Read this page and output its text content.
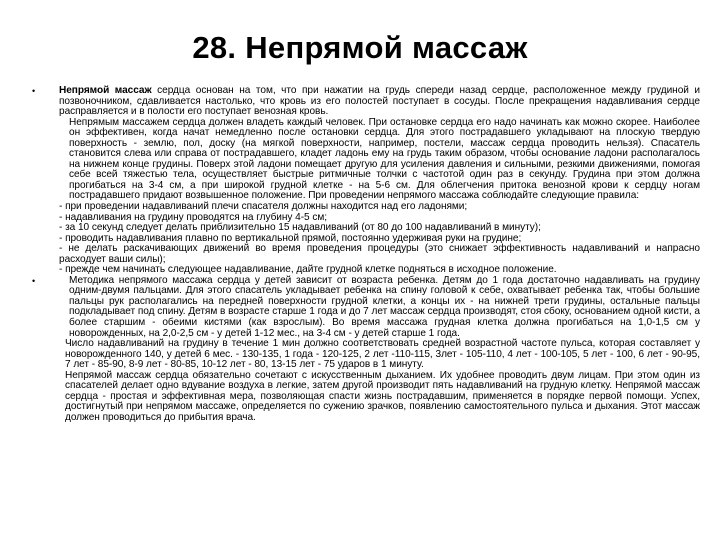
28. Непрямой массаж
• Непрямой массаж сердца основан на том, что при нажатии на грудь спереди назад сердце, расположенное между грудиной и позвоночником, сдавливается настолько, что кровь из его полостей поступает в сосуды. После прекращения надавливания сердце расправляется и в полости его поступает венозная кровь.

Непрямым массажем сердца должен владеть каждый человек. При остановке сердца его надо начинать как можно скорее. Наиболее он эффективен, когда начат немедленно после остановки сердца. Для этого пострадавшего укладывают на плоскую твердую поверхность - землю, пол, доску (на мягкой поверхности, например, постели, массаж сердца проводить нельзя). Спасатель становится слева или справа от пострадавшего, кладет ладонь ему на грудь таким образом, чтобы основание ладони располагалось на нижнем конце грудины. Поверх этой ладони помещает другую для усиления давления и сильными, резкими движениями, помогая себе всей тяжестью тела, осуществляет быстрые ритмичные толчки с частотой один раз в секунду. Грудина при этом должна прогибаться на 3-4 см, а при широкой грудной клетке - на 5-6 см. Для облегчения притока венозной крови к сердцу ногам пострадавшего придают возвышенное положение. При проведении непрямого массажа соблюдайте следующие правила:

- при проведении надавливаний плечи спасателя должны находится над его ладонями;

- надавливания на грудину проводятся на глубину 4-5 см;

- за 10 секунд следует делать приблизительно 15 надавливаний (от 80 до 100 надавливаний в минуту);

- проводить надавливания плавно по вертикальной прямой, постоянно удерживая руки на грудине;

- не делать раскачивающих движений во время проведения процедуры (это снижает эффективность надавливаний и напрасно расходует ваши силы);

- прежде чем начинать следующее надавливание, дайте грудной клетке подняться в исходное положение.

•	Методика непрямого массажа сердца у детей зависит от возраста ребенка. Детям до 1 года достаточно надавливать на грудину одним-двумя пальцами. Для этого спасатель укладывает ребенка на спину головой к себе, охватывает ребенка так, чтобы большие пальцы рук располагались на передней поверхности грудной клетки, а концы их - на нижней трети грудины, остальные пальцы подкладывает под спину. Детям в возрасте старше 1 года и до 7 лет массаж сердца производят, стоя сбоку, основанием одной кисти, а более старшим - обеими кистями (как взрослым). Во время массажа грудная клетка должна прогибаться на 1,0-1,5 см у новорожденных, на 2,0-2,5 см - у детей 1-12 мес., на 3-4 см - у детей старше 1 года.

Число надавливаний на грудину в течение 1 мин должно соответствовать средней возрастной частоте пульса, которая составляет у новорожденного 140, у детей 6 мес. - 130-135, 1 года - 120-125, 2 лет -110-115, 3лет - 105-110, 4 лет - 100-105, 5 лет - 100, 6 лет - 90-95, 7 лет - 85-90, 8-9 лет - 80-85, 10-12 лет - 80, 13-15 лет - 75 ударов в 1 минуту.

Непрямой массаж сердца обязательно сочетают с искусственным дыханием. Их удобнее проводить двум лицам. При этом один из спасателей делает одно вдувание воздуха в легкие, затем другой производит пять надавливаний на грудную клетку. Непрямой массаж сердца - простая и эффективная мера, позволяющая спасти жизнь пострадавшим, применяется в порядке первой помощи. Успех, достигнутый при непрямом массаже, определяется по сужению зрачков, появлению самостоятельного пульса и дыхания. Этот массаж должен проводиться до прибытия врача.
